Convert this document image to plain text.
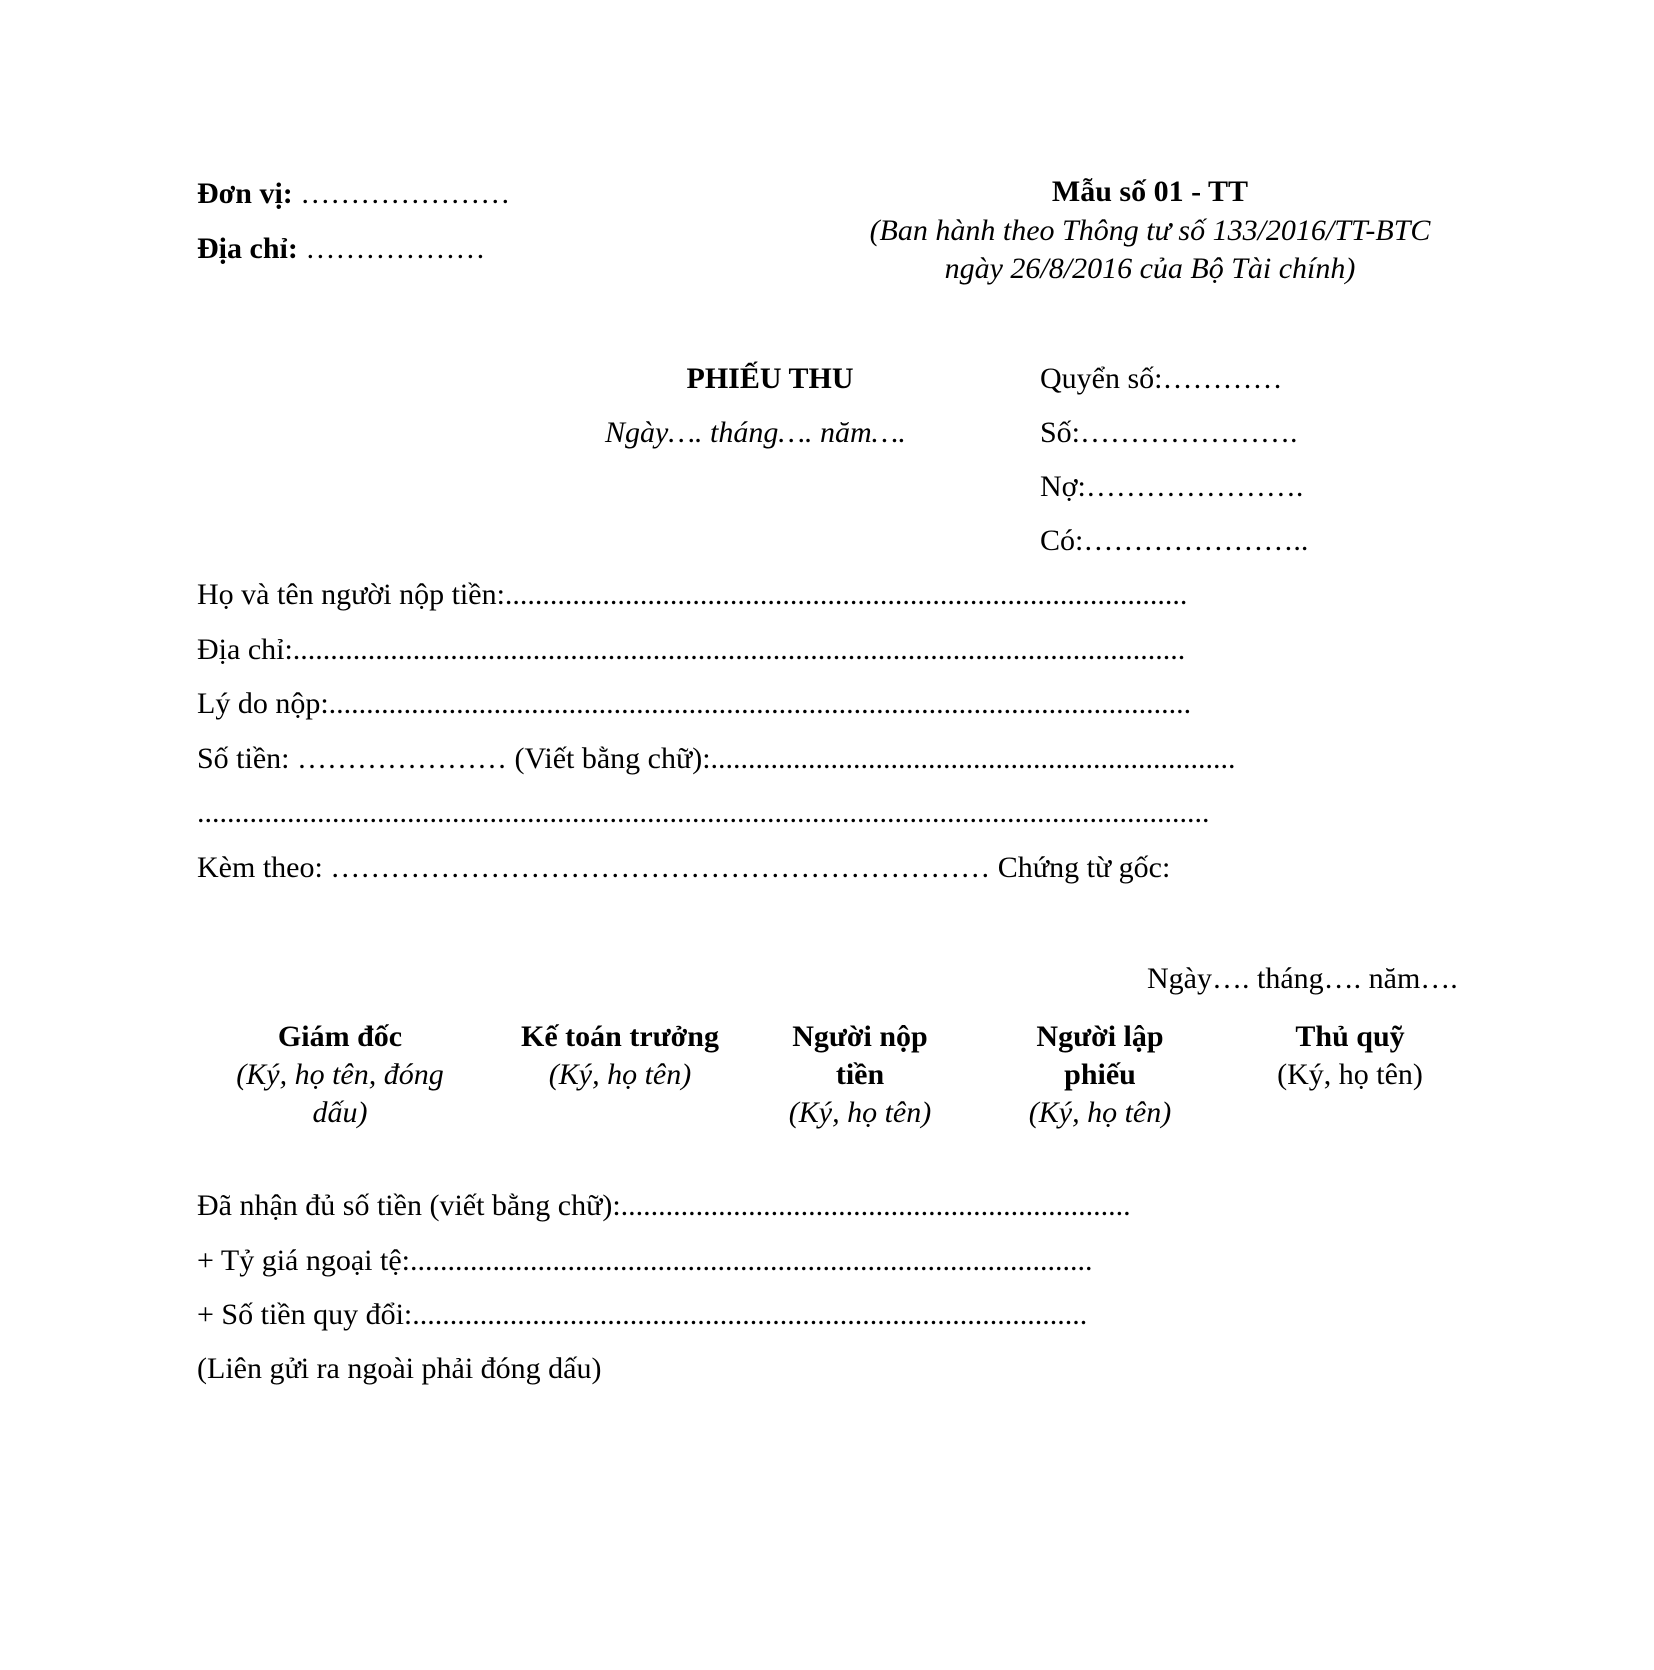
Đơn vị: …………………
Địa chỉ: ………………
Mẫu số 01 - TT
(Ban hành theo Thông tư số 133/2016/TT-BTC
ngày 26/8/2016 của Bộ Tài chính)
PHIẾU THU
Ngày…. tháng…. năm….
Quyển số:…………
Số:………………….
Nợ:………………….
Có:…………………..
Họ và tên người nộp tiền:...........................................................................................
Địa chỉ:.......................................................................................................................
Lý do nộp:...................................................................................................................
Số tiền: ………………… (Viết bằng chữ):......................................................................
.......................................................................................................................................
Kèm theo: ………………………………………………………… Chứng từ gốc:
Ngày…. tháng…. năm….
Giám đốc
(Ký, họ tên, đóng dấu)
Kế toán trưởng
(Ký, họ tên)
Người nộp tiền
(Ký, họ tên)
Người lập phiếu
(Ký, họ tên)
Thủ quỹ
(Ký, họ tên)
Đã nhận đủ số tiền (viết bằng chữ):....................................................................
+ Tỷ giá ngoại tệ:...........................................................................................
+ Số tiền quy đổi:..........................................................................................
(Liên gửi ra ngoài phải đóng dấu)
